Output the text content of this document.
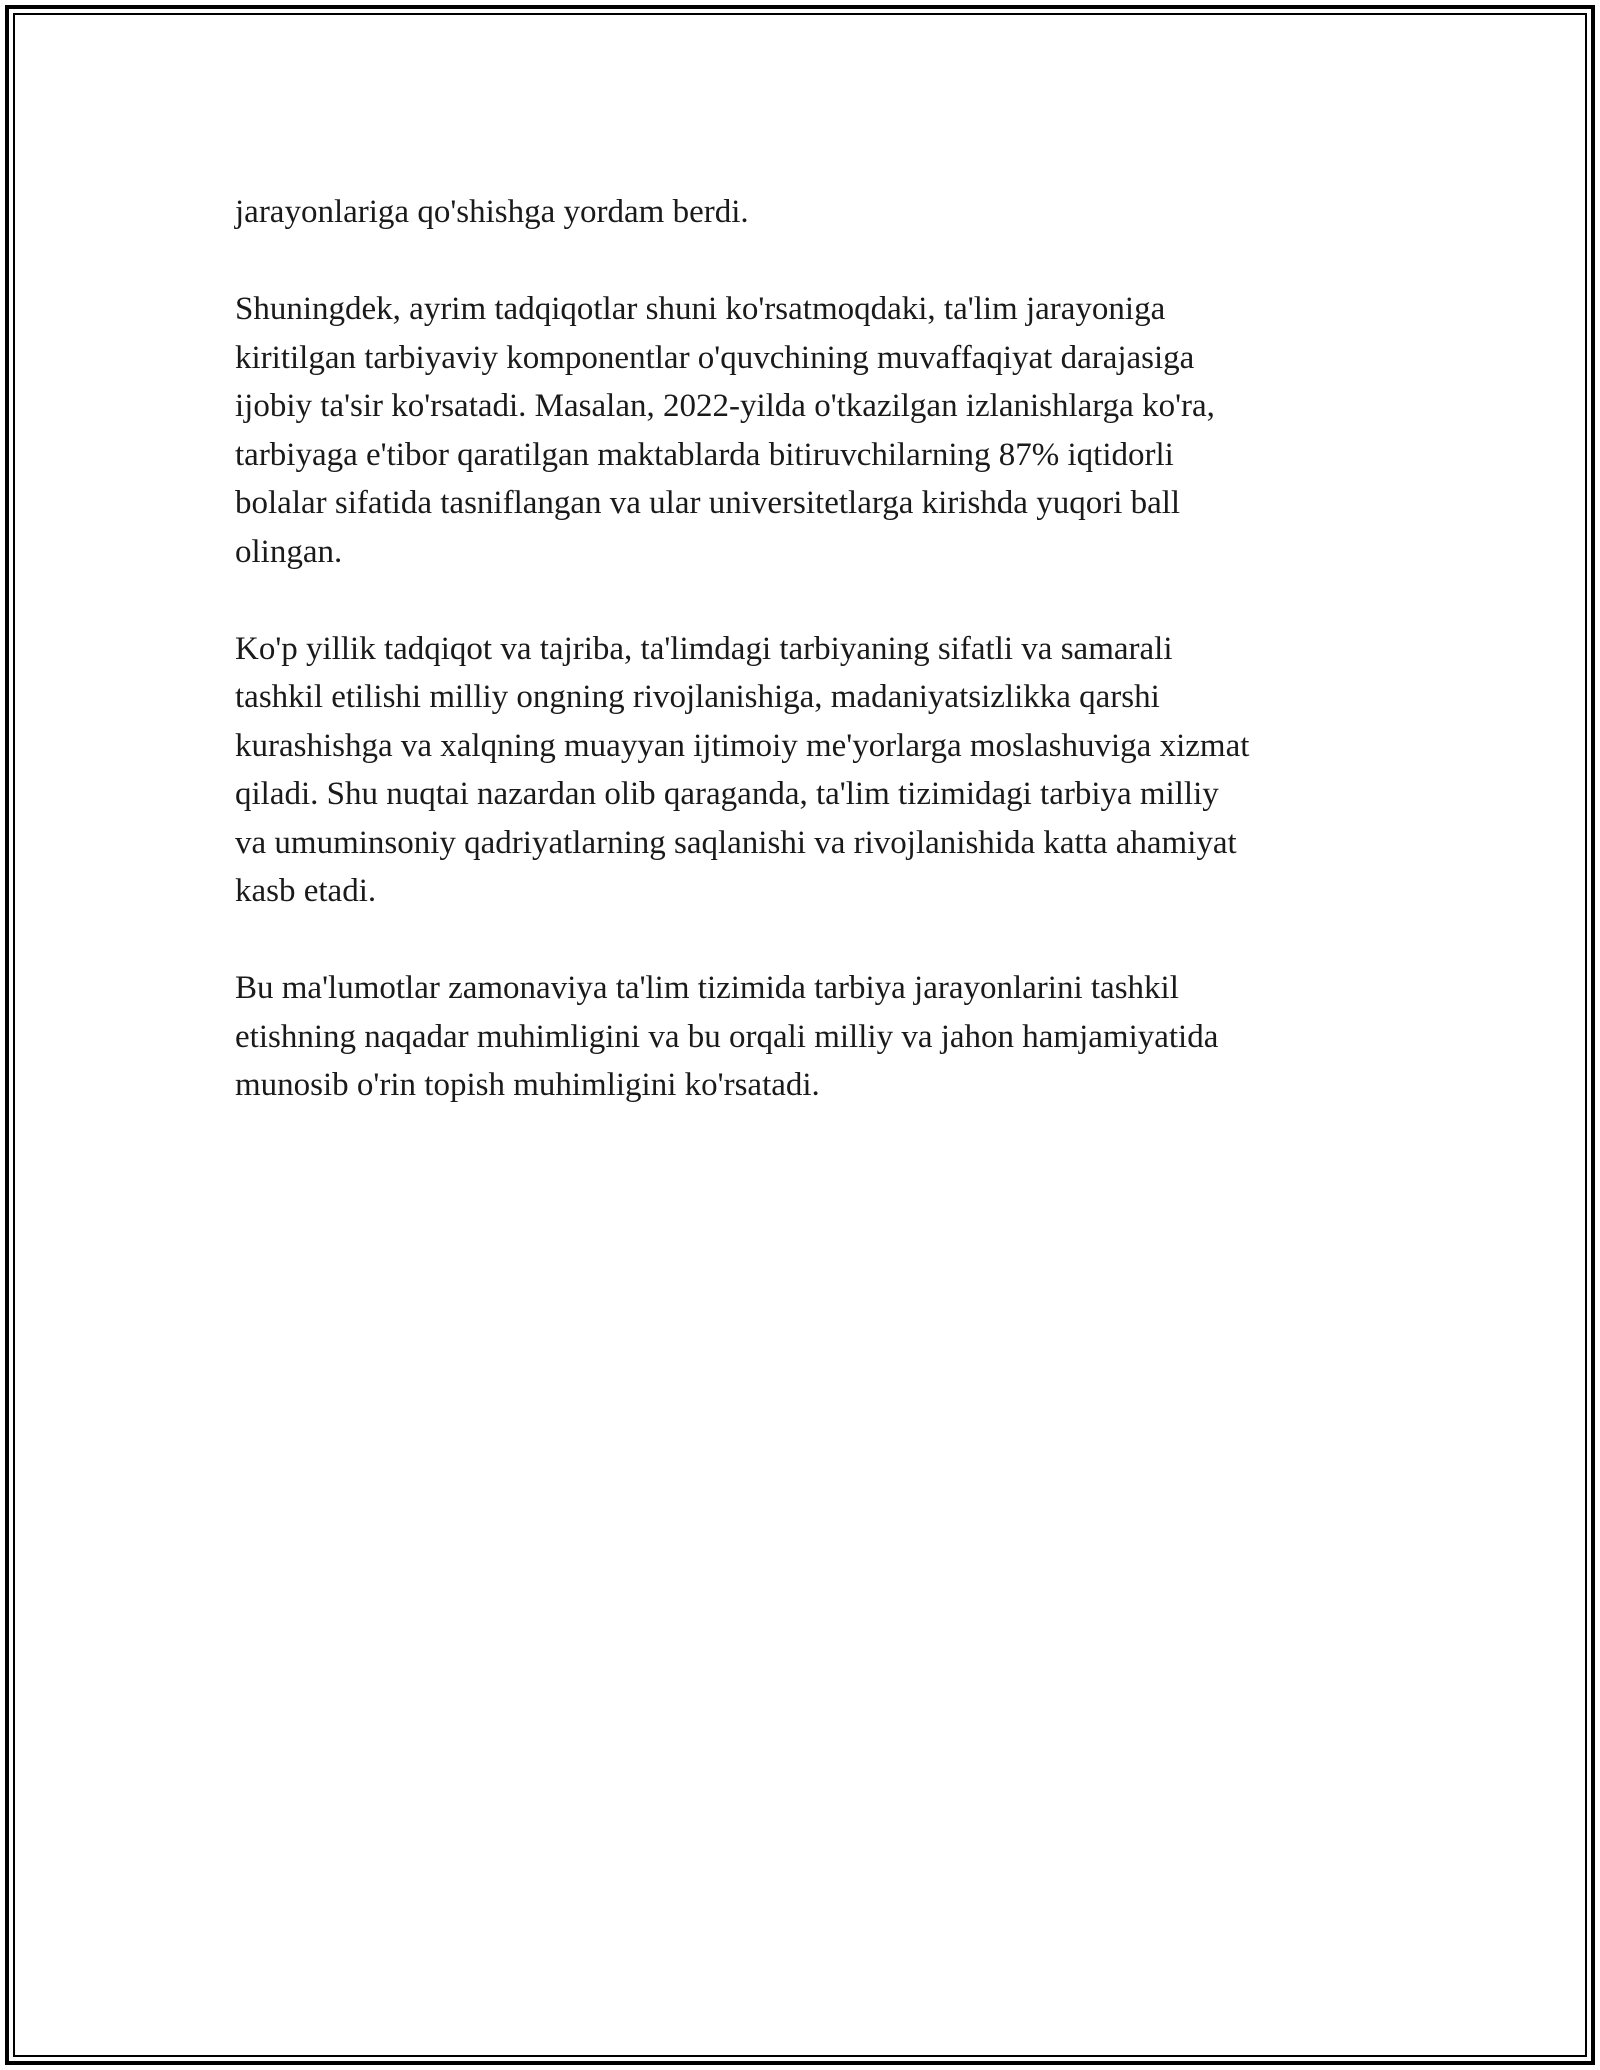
jarayonlariga qo'shishga yordam berdi.

Shuningdek, ayrim tadqiqotlar shuni ko'rsatmoqdaki, ta'lim jarayoniga
kiritilgan tarbiyaviy komponentlar o'quvchining muvaffaqiyat darajasiga
ijobiy ta'sir ko'rsatadi. Masalan, 2022-yilda o'tkazilgan izlanishlarga ko'ra,
tarbiyaga e'tibor qaratilgan maktablarda bitiruvchilarning 87% iqtidorli
bolalar sifatida tasniflangan va ular universitetlarga kirishda yuqori ball
olingan.

Ko'p yillik tadqiqot va tajriba, ta'limdagi tarbiyaning sifatli va samarali
tashkil etilishi milliy ongning rivojlanishiga, madaniyatsizlikka qarshi
kurashishga va xalqning muayyan ijtimoiy me'yorlarga moslashuviga xizmat
qiladi. Shu nuqtai nazardan olib qaraganda, ta'lim tizimidagi tarbiya milliy
va umuminsoniy qadriyatlarning saqlanishi va rivojlanishida katta ahamiyat
kasb etadi.

Bu ma'lumotlar zamonaviya ta'lim tizimida tarbiya jarayonlarini tashkil
etishning naqadar muhimligini va bu orqali milliy va jahon hamjamiyatida
munosib o'rin topish muhimligini ko'rsatadi.
